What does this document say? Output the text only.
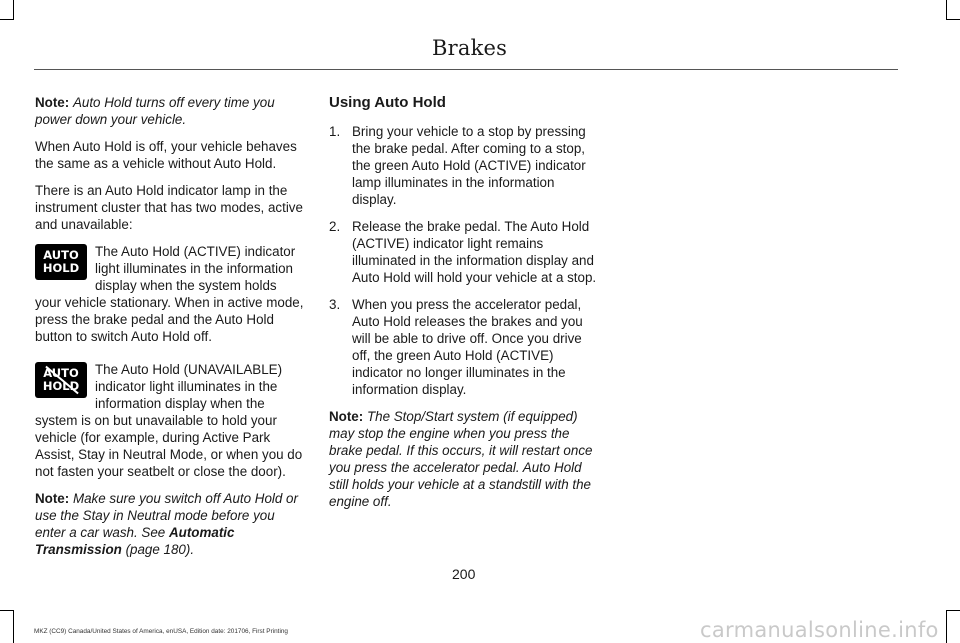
Brakes

Note: Auto Hold turns off every time you power down your vehicle.

When Auto Hold is off, your vehicle behaves the same as a vehicle without Auto Hold.

There is an Auto Hold indicator lamp in the instrument cluster that has two modes, active and unavailable:

AUTO
HOLD
The Auto Hold (ACTIVE) indicator light illuminates in the information display when the system holds your vehicle stationary. When in active mode, press the brake pedal and the Auto Hold button to switch Auto Hold off.
AUTO
HOLD
The Auto Hold (UNAVAILABLE) indicator light illuminates in the information display when the system is on but unavailable to hold your vehicle (for example, during Active Park Assist, Stay in Neutral Mode, or when you do not fasten your seatbelt or close the door).

Note: Make sure you switch off Auto Hold or use the Stay in Neutral mode before you enter a car wash. See Automatic Transmission (page 180).

Using Auto Hold
1. Bring your vehicle to a stop by pressing the brake pedal. After coming to a stop, the green Auto Hold (ACTIVE) indicator lamp illuminates in the information display.
2. Release the brake pedal. The Auto Hold (ACTIVE) indicator light remains illuminated in the information display and Auto Hold will hold your vehicle at a stop.
3. When you press the accelerator pedal, Auto Hold releases the brakes and you will be able to drive off. Once you drive off, the green Auto Hold (ACTIVE) indicator no longer illuminates in the information display.

Note: The Stop/Start system (if equipped) may stop the engine when you press the brake pedal. If this occurs, it will restart once you press the accelerator pedal. Auto Hold still holds your vehicle at a standstill with the engine off.

200
MKZ (CC9) Canada/United States of America, enUSA, Edition date: 201706, First Printing	carmanualsonline.info
